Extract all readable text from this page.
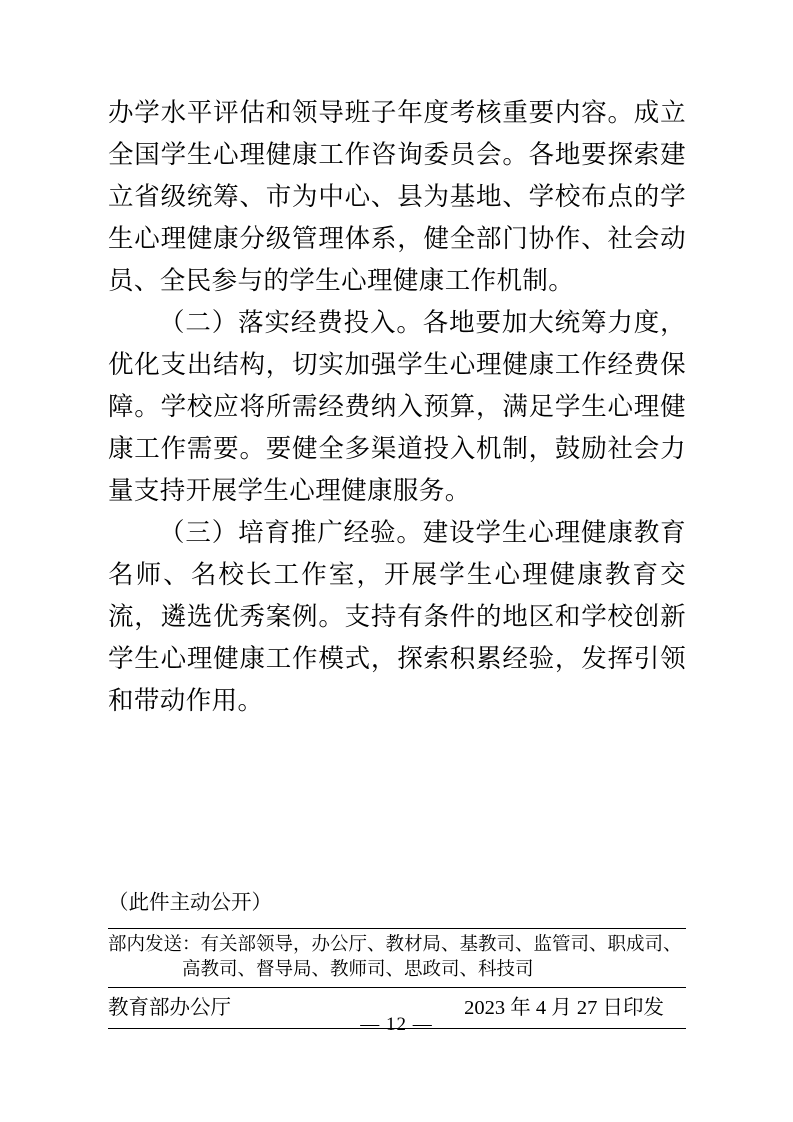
办学水平评估和领导班子年度考核重要内容。成立全国学生心理健康工作咨询委员会。各地要探索建立省级统筹、市为中心、县为基地、学校布点的学生心理健康分级管理体系，健全部门协作、社会动员、全民参与的学生心理健康工作机制。

（二）落实经费投入。各地要加大统筹力度，优化支出结构，切实加强学生心理健康工作经费保障。学校应将所需经费纳入预算，满足学生心理健康工作需要。要健全多渠道投入机制，鼓励社会力量支持开展学生心理健康服务。

（三）培育推广经验。建设学生心理健康教育名师、名校长工作室，开展学生心理健康教育交流，遴选优秀案例。支持有条件的地区和学校创新学生心理健康工作模式，探索积累经验，发挥引领和带动作用。

（此件主动公开）
部内发送：有关部领导，办公厅、教材局、基教司、监管司、职成司、
高教司、督导局、教师司、思政司、科技司
教育部办公厅	2023 年 4 月 27 日印发
— 12 —
